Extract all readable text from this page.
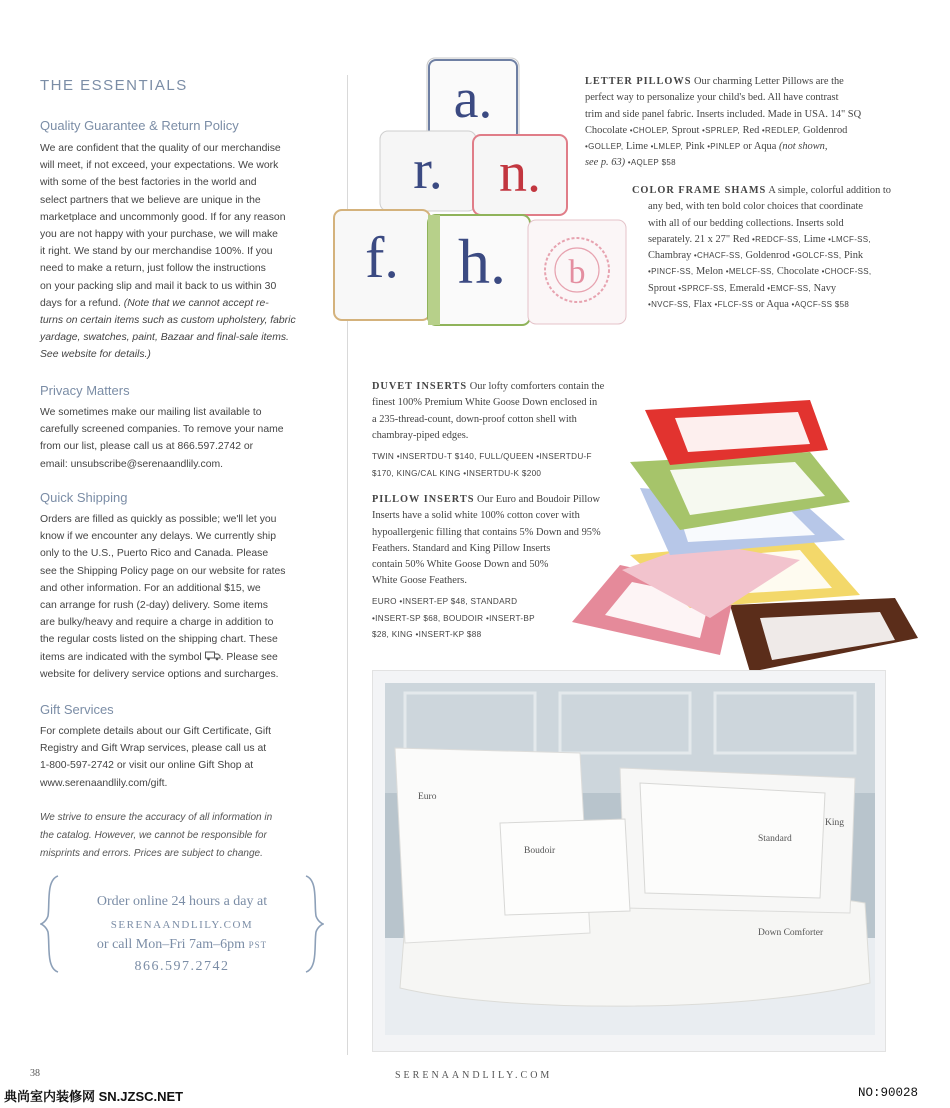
THE ESSENTIALS
Quality Guarantee & Return Policy

We are confident that the quality of our merchandise
will meet, if not exceed, your expectations. We work
with some of the best factories in the world and
select partners that we believe are unique in the
marketplace and uncommonly good. If for any reason
you are not happy with your purchase, we will make
it right. We stand by our merchandise 100%. If you
need to make a return, just follow the instructions
on your packing slip and mail it back to us within 30
days for a refund. (Note that we cannot accept re-
turns on certain items such as custom upholstery, fabric
yardage, swatches, paint, Bazaar and final-sale items.
See website for details.)

Privacy Matters

We sometimes make our mailing list available to
carefully screened companies. To remove your name
from our list, please call us at 866.597.2742 or
email: unsubscribe@serenaandlily.com.

Quick Shipping

Orders are filled as quickly as possible; we'll let you
know if we encounter any delays. We currently ship
only to the U.S., Puerto Rico and Canada. Please
see the Shipping Policy page on our website for rates
and other information. For an additional $15, we
can arrange for rush (2-day) delivery. Some items
are bulky/heavy and require a charge in addition to
the regular costs listed on the shipping chart. These
items are indicated with the symbol . Please see
website for delivery service options and surcharges.

Gift Services

For complete details about our Gift Certificate, Gift
Registry and Gift Wrap services, please call us at
1-800-597-2742 or visit our online Gift Shop at
www.serenaandlily.com/gift.

We strive to ensure the accuracy of all information in
the catalog. However, we cannot be responsible for
misprints and errors. Prices are subject to change.

Order online 24 hours a day at
SERENAANDLILY.COM
or call Mon–Fri 7am–6pm PST
866.597.2742
a.
r. n.
f. h. b

LETTER PILLOWS Our charming Letter Pillows are the
perfect way to personalize your child's bed. All have contrast
trim and side panel fabric. Inserts included. Made in USA. 14" SQ
Chocolate •CHOLEP, Sprout •SPRLEP, Red •REDLEP, Goldenrod
•GOLLEP, Lime •LMLEP, Pink •PINLEP or Aqua (not shown,
see p. 63) •AQLEP $58

COLOR FRAME SHAMS A simple, colorful addition to
any bed, with ten bold color choices that coordinate
with all of our bedding collections. Inserts sold
separately. 21 x 27" Red •REDCF-SS, Lime •LMCF-SS,
Chambray •CHACF-SS, Goldenrod •GOLCF-SS, Pink
•PINCF-SS, Melon •MELCF-SS, Chocolate •CHOCF-SS,
Sprout •SPRCF-SS, Emerald •EMCF-SS, Navy
•NVCF-SS, Flax •FLCF-SS or Aqua •AQCF-SS $58

DUVET INSERTS Our lofty comforters contain the
finest 100% Premium White Goose Down enclosed in
a 235-thread-count, down-proof cotton shell with
chambray-piped edges.

TWIN •INSERTDU-T $140, FULL/QUEEN •INSERTDU-F
$170, KING/CAL KING •INSERTDU-K $200

PILLOW INSERTS Our Euro and Boudoir Pillow
Inserts have a solid white 100% cotton cover with
hypoallergenic filling that contains 5% Down and 95%
Feathers. Standard and King Pillow Inserts
contain 50% White Goose Down and 50%
White Goose Feathers.

EURO •INSERT-EP $48, STANDARD
•INSERT-SP $68, BOUDOIR •INSERT-BP
$28, KING •INSERT-KP $88

Euro
Boudoir
Standard
King
Down Comforter
38	SERENAANDLILY.COM
典尚室内装修网 SN.JZSC.NET	NO:90028
